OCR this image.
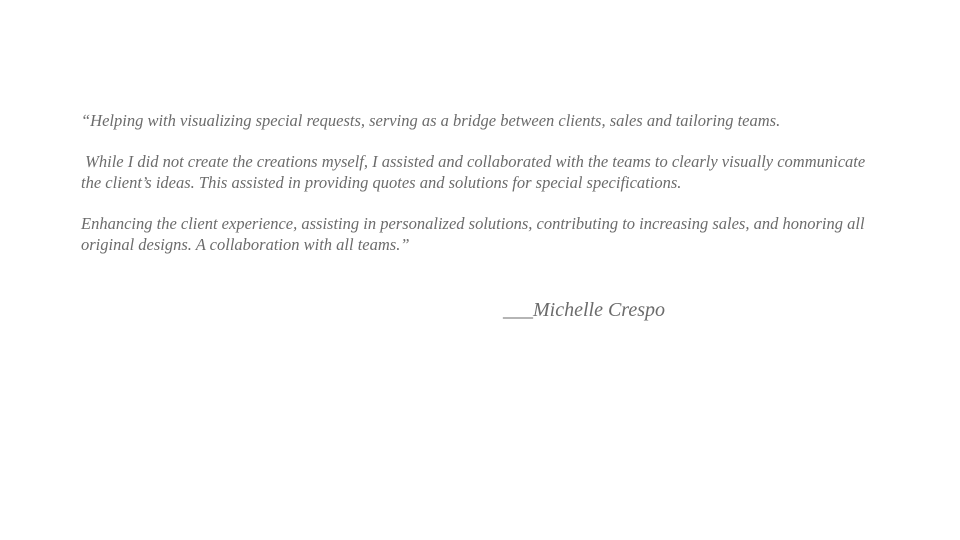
“Helping with visualizing special requests, serving as a bridge between clients, sales and tailoring teams.

While I did not create the creations myself, I assisted and collaborated with the teams to clearly visually communicate the client’s ideas. This assisted in providing quotes and solutions for special specifications.

Enhancing the client experience, assisting in personalized solutions, contributing to increasing sales, and honoring all original designs. A collaboration with all teams.”

___Michelle Crespo
